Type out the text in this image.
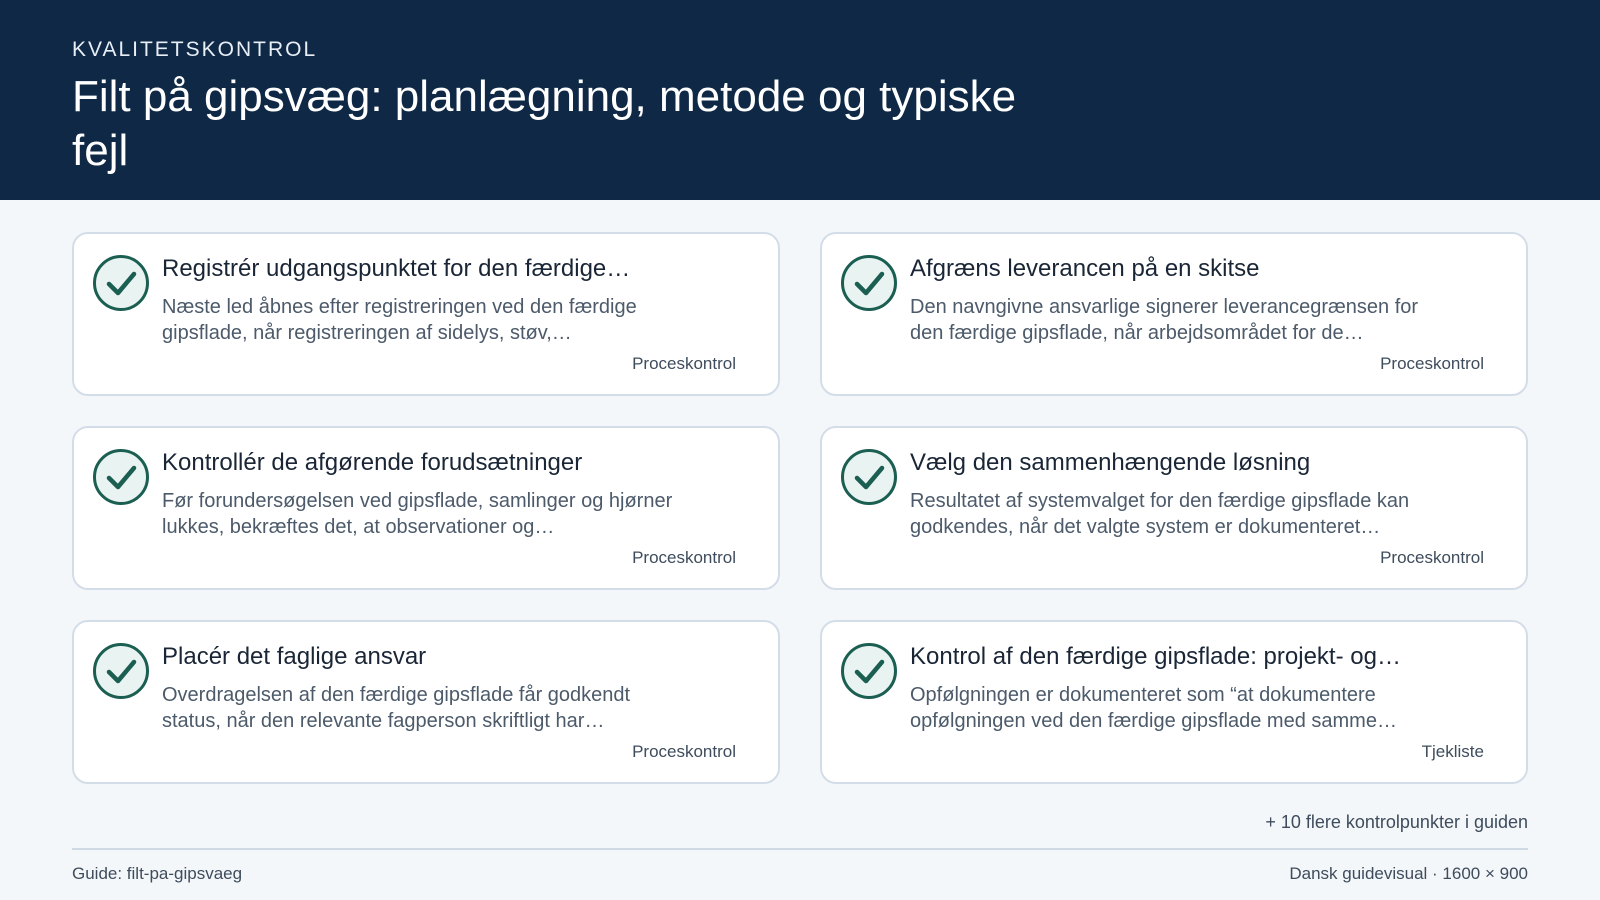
KVALITETSKONTROL
Filt på gipsvæg: planlægning, metode og typiske fejl
Registrér udgangspunktet for den færdige…
Næste led åbnes efter registreringen ved den færdige gipsflade, når registreringen af sidelys, støv,…
Proceskontrol
Afgræns leverancen på en skitse
Den navngivne ansvarlige signerer leverancegrænsen for den færdige gipsflade, når arbejdsområdet for de…
Proceskontrol
Kontrollér de afgørende forudsætninger
Før forundersøgelsen ved gipsflade, samlinger og hjørner lukkes, bekræftes det, at observationer og…
Proceskontrol
Vælg den sammenhængende løsning
Resultatet af systemvalget for den færdige gipsflade kan godkendes, når det valgte system er dokumenteret…
Proceskontrol
Placér det faglige ansvar
Overdragelsen af den færdige gipsflade får godkendt status, når den relevante fagperson skriftligt har…
Proceskontrol
Kontrol af den færdige gipsflade: projekt- og…
Opfølgningen er dokumenteret som “at dokumentere opfølgningen ved den færdige gipsflade med samme…
Tjekliste
+ 10 flere kontrolpunkter i guiden
Guide: filt-pa-gipsvaeg	Dansk guidevisual · 1600 × 900
